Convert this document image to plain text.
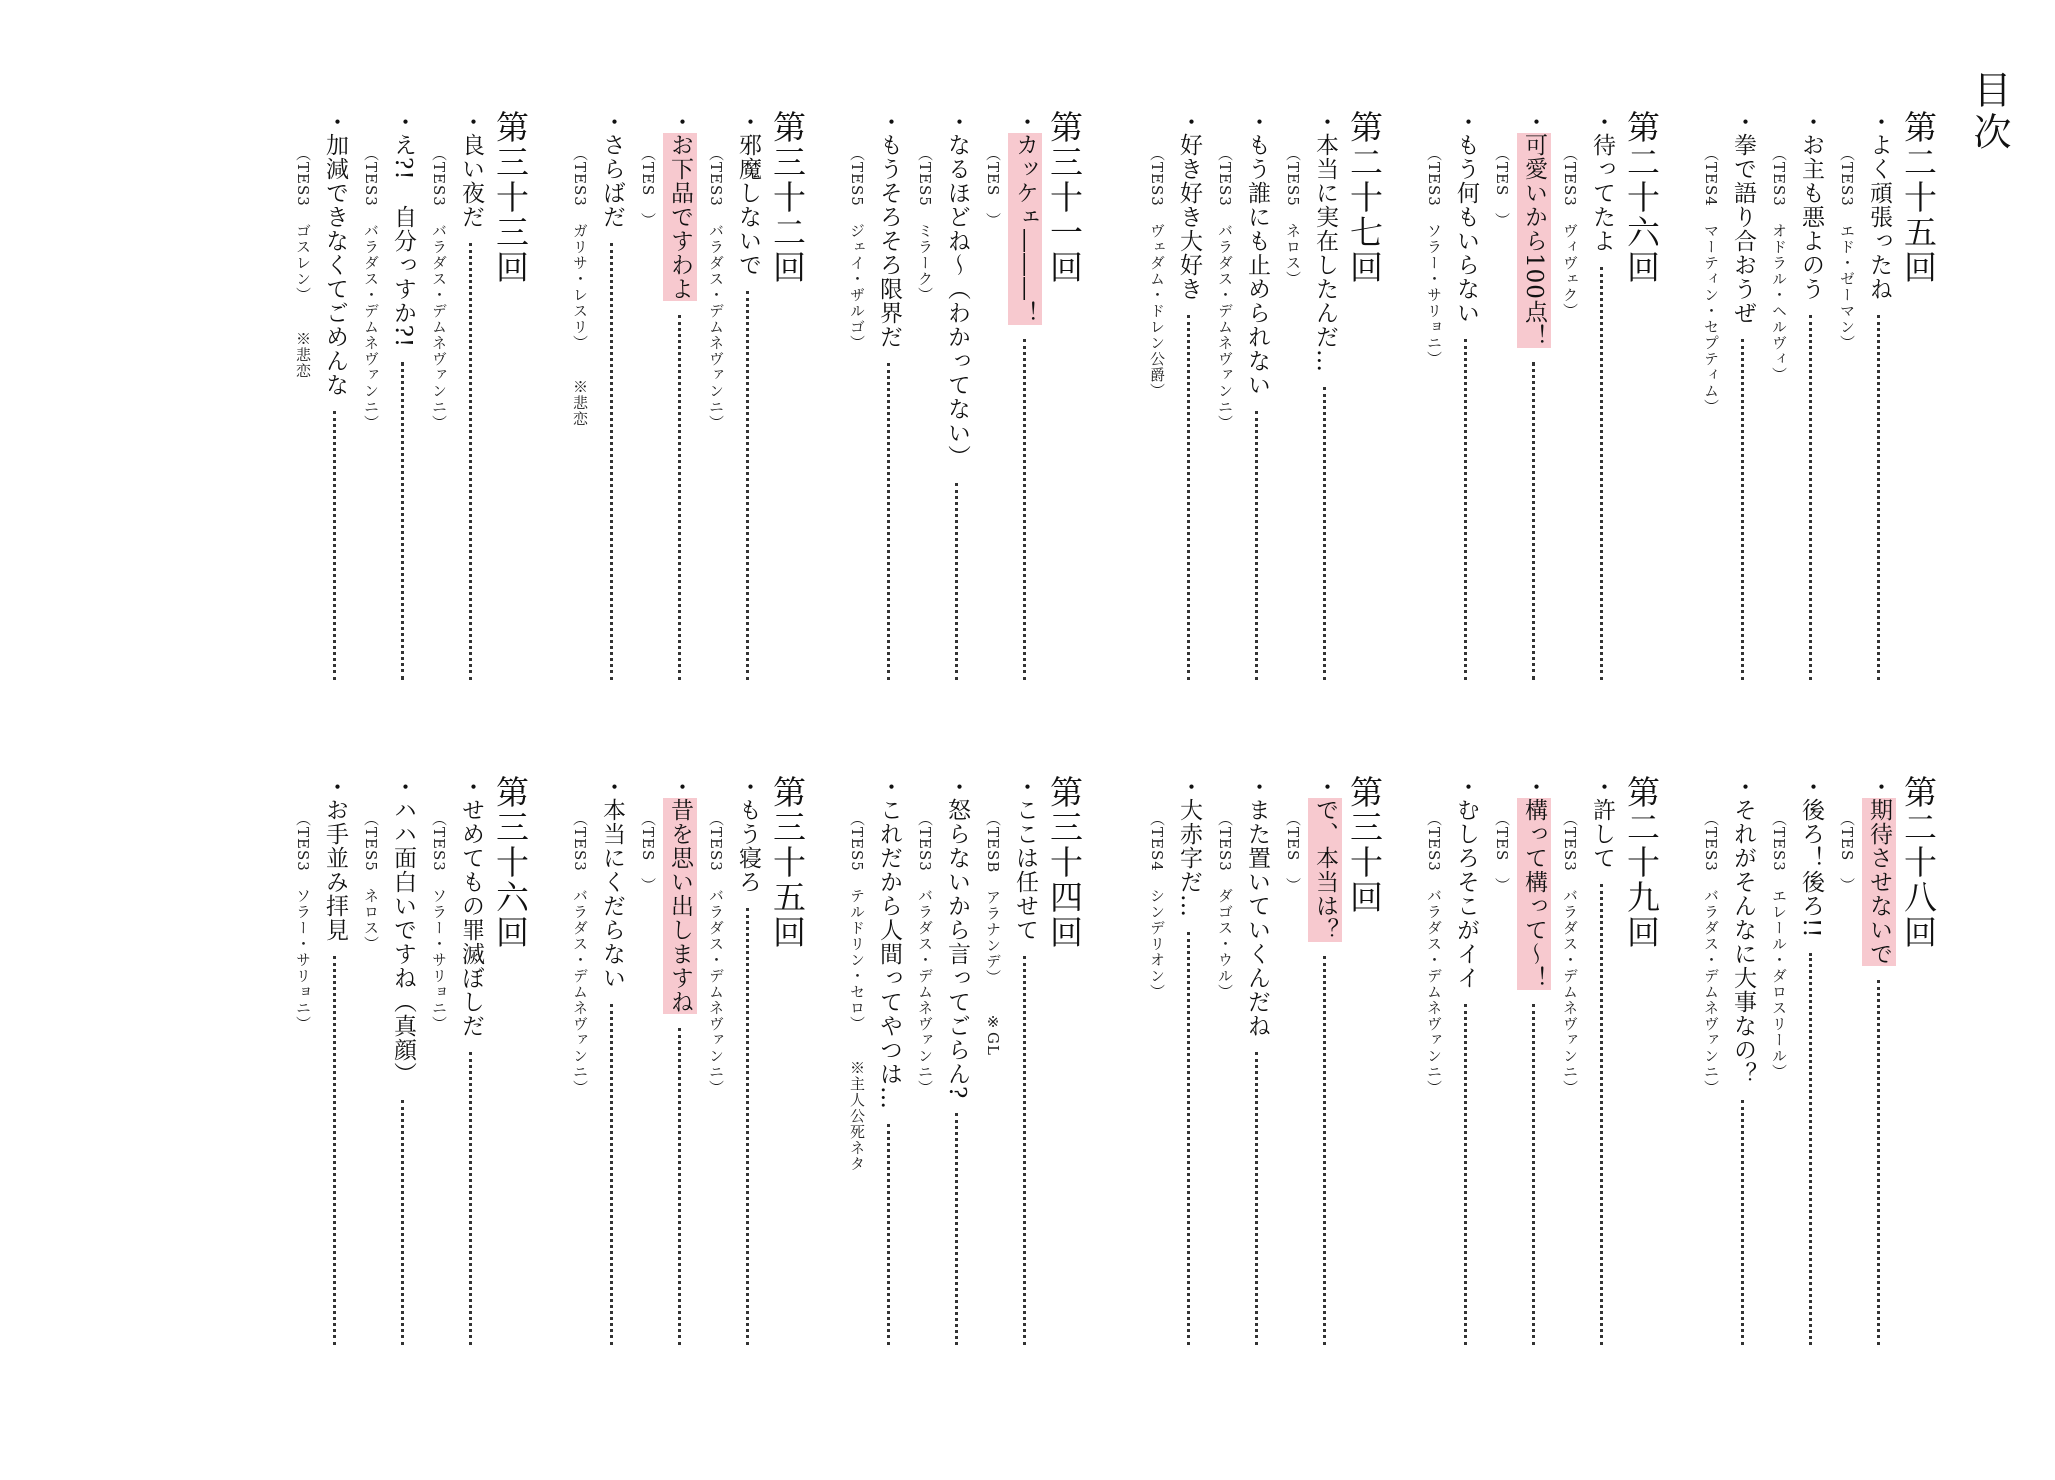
目次
第二十五回
・
よく頑張ったね
（TES3　エド・ゼーマン）
・
お主も悪よのう
（TES3　オドラル・ヘルヴィ）
・
拳で語り合おうぜ
（TES4　マーティン・セプティム）
第二十六回
・
待ってたよ
（TES3　ヴィヴェク）
・
可愛いから100点！
（TES　）
・
もう何もいらない
（TES3　ソラー・サリョニ）
第二十七回
・
本当に実在したんだ…
（TES5　ネロス）
・
もう誰にも止められない
（TES3　バラダス・デムネヴァンニ）
・
好き好き大好き
（TES3　ヴェダム・ドレン公爵）
第三十一回
・
カッケェ―――！
（TES　）
・
なるほどね～（わかってない）
（TES5　ミラーク）
・
もうそろそろ限界だ
（TES5　ジェイ・ザルゴ）
第三十二回
・
邪魔しないで
（TES3　バラダス・デムネヴァンニ）
・
お下品ですわよ
（TES　）
・
さらばだ
（TES3　ガリサ・レスリ）※悲恋
第三十三回
・
良い夜だ
（TES3　バラダス・デムネヴァンニ）
・
え?!　自分っすか?!
（TES3　バラダス・デムネヴァンニ）
・
加減できなくてごめんな
（TES3　ゴスレン）※悲恋
第二十八回
・
期待させないで
（TES　）
・
後ろ！後ろ!!
（TES3　エレール・ダロスリール）
・
それがそんなに大事なの？
（TES3　バラダス・デムネヴァンニ）
第二十九回
・
許して
（TES3　バラダス・デムネヴァンニ）
・
構って構って～！
（TES　）
・
むしろそこがイイ
（TES3　バラダス・デムネヴァンニ）
第三十回
・
で、本当は？
（TES　）
・
また置いていくんだね
（TES3　ダゴス・ウル）
・
大赤字だ…
（TES4　シンデリオン）
第三十四回
・
ここは任せて
（TESB　アラナンデ）※GL
・
怒らないから言ってごらん?
（TES3　バラダス・デムネヴァンニ）
・
これだから人間ってやつは…
（TES5　テルドリン・セロ）※主人公死ネタ
第三十五回
・
もう寝ろ
（TES3　バラダス・デムネヴァンニ）
・
昔を思い出しますね
（TES　）
・
本当にくだらない
（TES3　バラダス・デムネヴァンニ）
第三十六回
・
せめてもの罪滅ぼしだ
（TES3　ソラー・サリョニ）
・
ハハ面白いですね（真顔）
（TES5　ネロス）
・
お手並み拝見
（TES3　ソラー・サリョニ）
